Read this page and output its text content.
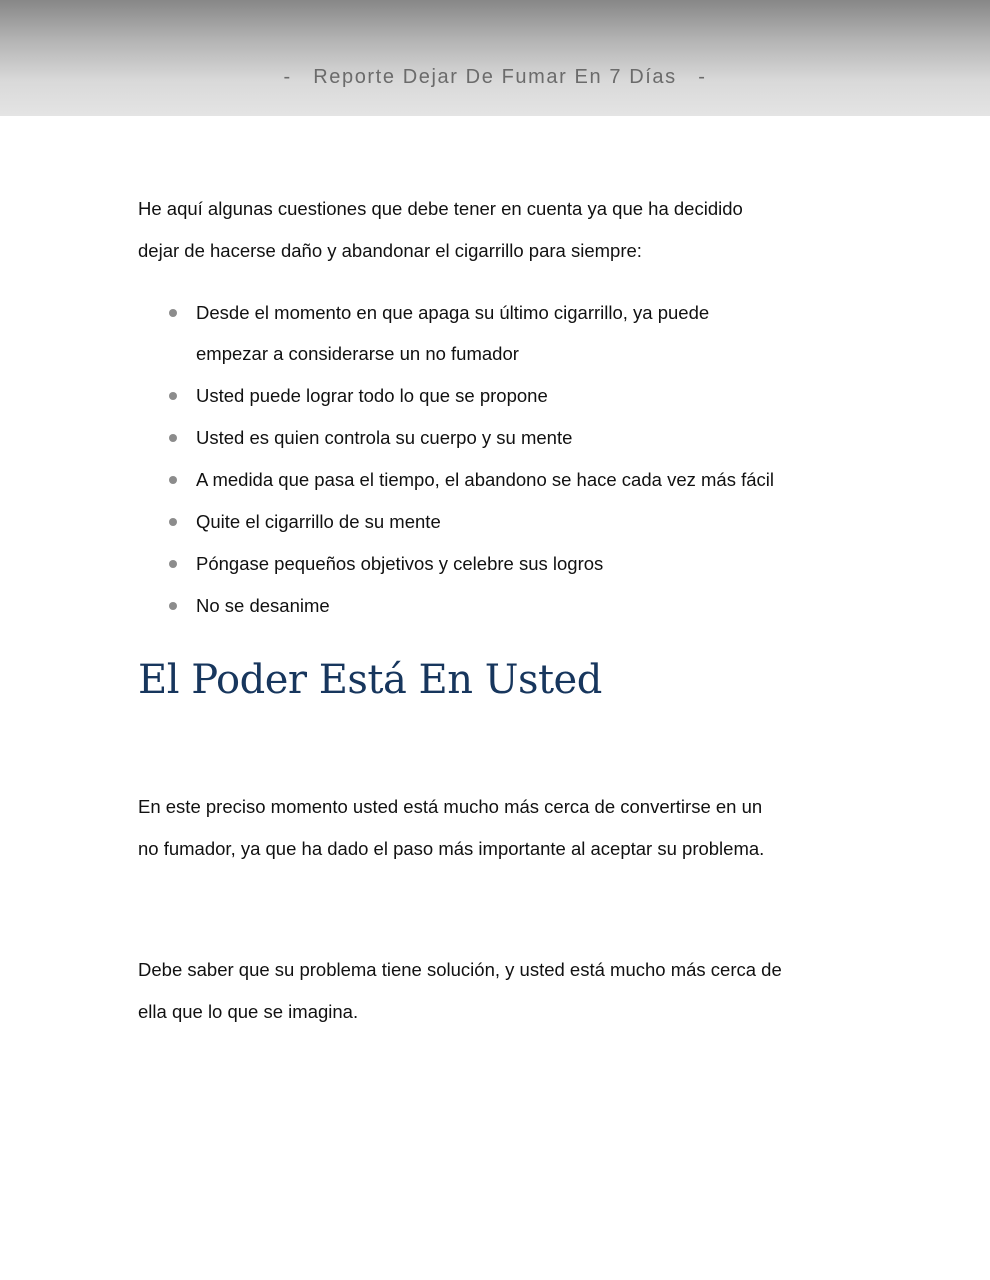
-   Reporte Dejar De Fumar En 7 Días   -

He aquí algunas cuestiones que debe tener en cuenta ya que ha decidido
dejar de hacerse daño y abandonar el cigarrillo para siempre:

Desde el momento en que apaga su último cigarrillo, ya puede
empezar a considerarse un no fumador
Usted puede lograr todo lo que se propone
Usted es quien controla su cuerpo y su mente
A medida que pasa el tiempo, el abandono se hace cada vez más fácil
Quite el cigarrillo de su mente
Póngase pequeños objetivos y celebre sus logros
No se desanime
El Poder Está En Usted

En este preciso momento usted está mucho más cerca de convertirse en un
no fumador, ya que ha dado el paso más importante al aceptar su problema.

Debe saber que su problema tiene solución, y usted está mucho más cerca de
ella que lo que se imagina.
